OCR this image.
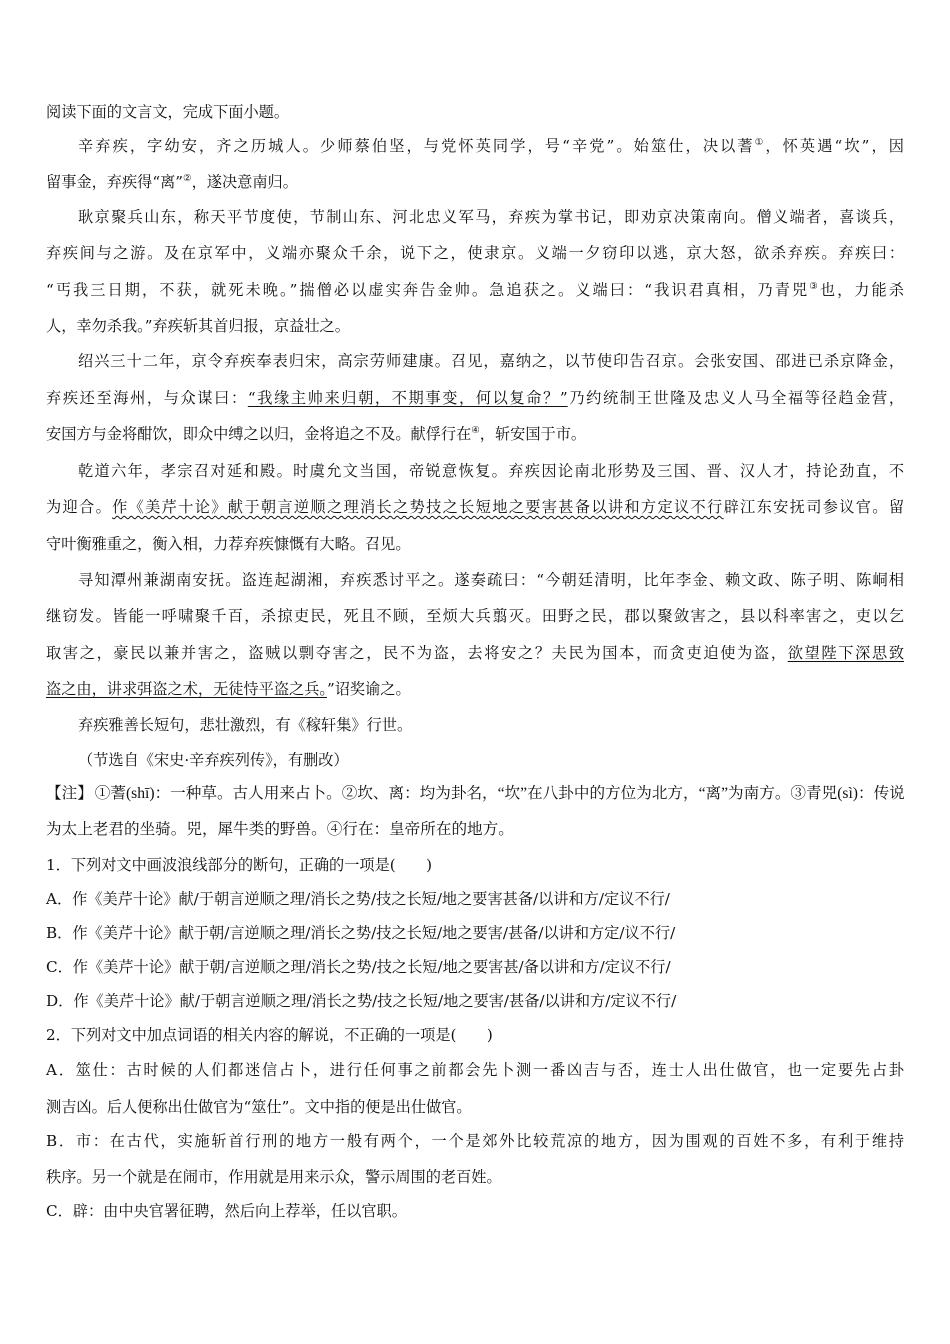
阅读下面的文言文，完成下面小题。
辛弃疾，字幼安，齐之历城人。少师蔡伯坚，与党怀英同学，号“辛党”。始筮仕，决以蓍①，怀英遇“坎”，因
留事金，弃疾得“离”②，遂决意南归。
耿京聚兵山东，称天平节度使，节制山东、河北忠义军马，弃疾为掌书记，即劝京决策南向。僧义端者，喜谈兵，
弃疾间与之游。及在京军中，义端亦聚众千余，说下之，使隶京。义端一夕窃印以逃，京大怒，欲杀弃疾。弃疾曰：
“丐我三日期，不获，就死未晚。”揣僧必以虚实奔告金帅。急追获之。义端曰：“我识君真相，乃青兕③也，力能杀
人，幸勿杀我。”弃疾斩其首归报，京益壮之。
绍兴三十二年，京令弃疾奉表归宋，高宗劳师建康。召见，嘉纳之，以节使印告召京。会张安国、邵进已杀京降金，
弃疾还至海州，与众谋曰：“我缘主帅来归朝，不期事变，何以复命？”乃约统制王世隆及忠义人马全福等径趋金营，
安国方与金将酣饮，即众中缚之以归，金将追之不及。献俘行在④，斩安国于市。
乾道六年，孝宗召对延和殿。时虞允文当国，帝锐意恢复。弃疾因论南北形势及三国、晋、汉人才，持论劲直，不
为迎合。作《美芹十论》献于朝言逆顺之理消长之势技之长短地之要害甚备以讲和方定议不行辟江东安抚司参议官。留
守叶衡雅重之，衡入相，力荐弃疾慷慨有大略。召见。
寻知潭州兼湖南安抚。盗连起湖湘，弃疾悉讨平之。遂奏疏曰：“今朝廷清明，比年李金、赖文政、陈子明、陈峒相
继窃发。皆能一呼啸聚千百，杀掠吏民，死且不顾，至烦大兵翦灭。田野之民，郡以聚敛害之，县以科率害之，吏以乞
取害之，豪民以兼并害之，盗贼以剽夺害之，民不为盗，去将安之？夫民为国本，而贪吏迫使为盗，欲望陛下深思致
盗之由，讲求弭盗之术，无徒恃平盗之兵。”诏奖谕之。
弃疾雅善长短句，悲壮激烈，有《稼轩集》行世。
（节选自《宋史·辛弃疾列传》，有删改）
【注】 ①蓍(shī)：一种草。古人用来占卜。②坎、离：均为卦名，“坎”在八卦中的方位为北方，“离”为南方。③青兕(sì)：传说
为太上老君的坐骑。兕，犀牛类的野兽。④行在：皇帝所在的地方。
1．下列对文中画波浪线部分的断句，正确的一项是(　　)
A．作《美芹十论》献/于朝言逆顺之理/消长之势/技之长短/地之要害甚备/以讲和方/定议不行/
B．作《美芹十论》献于朝/言逆顺之理/消长之势/技之长短/地之要害/甚备/以讲和方定/议不行/
C．作《美芹十论》献于朝/言逆顺之理/消长之势/技之长短/地之要害甚/备以讲和方/定议不行/
D．作《美芹十论》献/于朝言逆顺之理/消长之势/技之长短/地之要害/甚备/以讲和方/定议不行/
2．下列对文中加点词语的相关内容的解说，不正确的一项是(　　)
A．筮仕：古时候的人们都迷信占卜，进行任何事之前都会先卜测一番凶吉与否，连士人出仕做官，也一定要先占卦
测吉凶。后人便称出仕做官为“筮仕”。文中指的便是出仕做官。
B．市：在古代，实施斩首行刑的地方一般有两个，一个是郊外比较荒凉的地方，因为围观的百姓不多，有利于维持
秩序。另一个就是在闹市，作用就是用来示众，警示周围的老百姓。
C．辟：由中央官署征聘，然后向上荐举，任以官职。
